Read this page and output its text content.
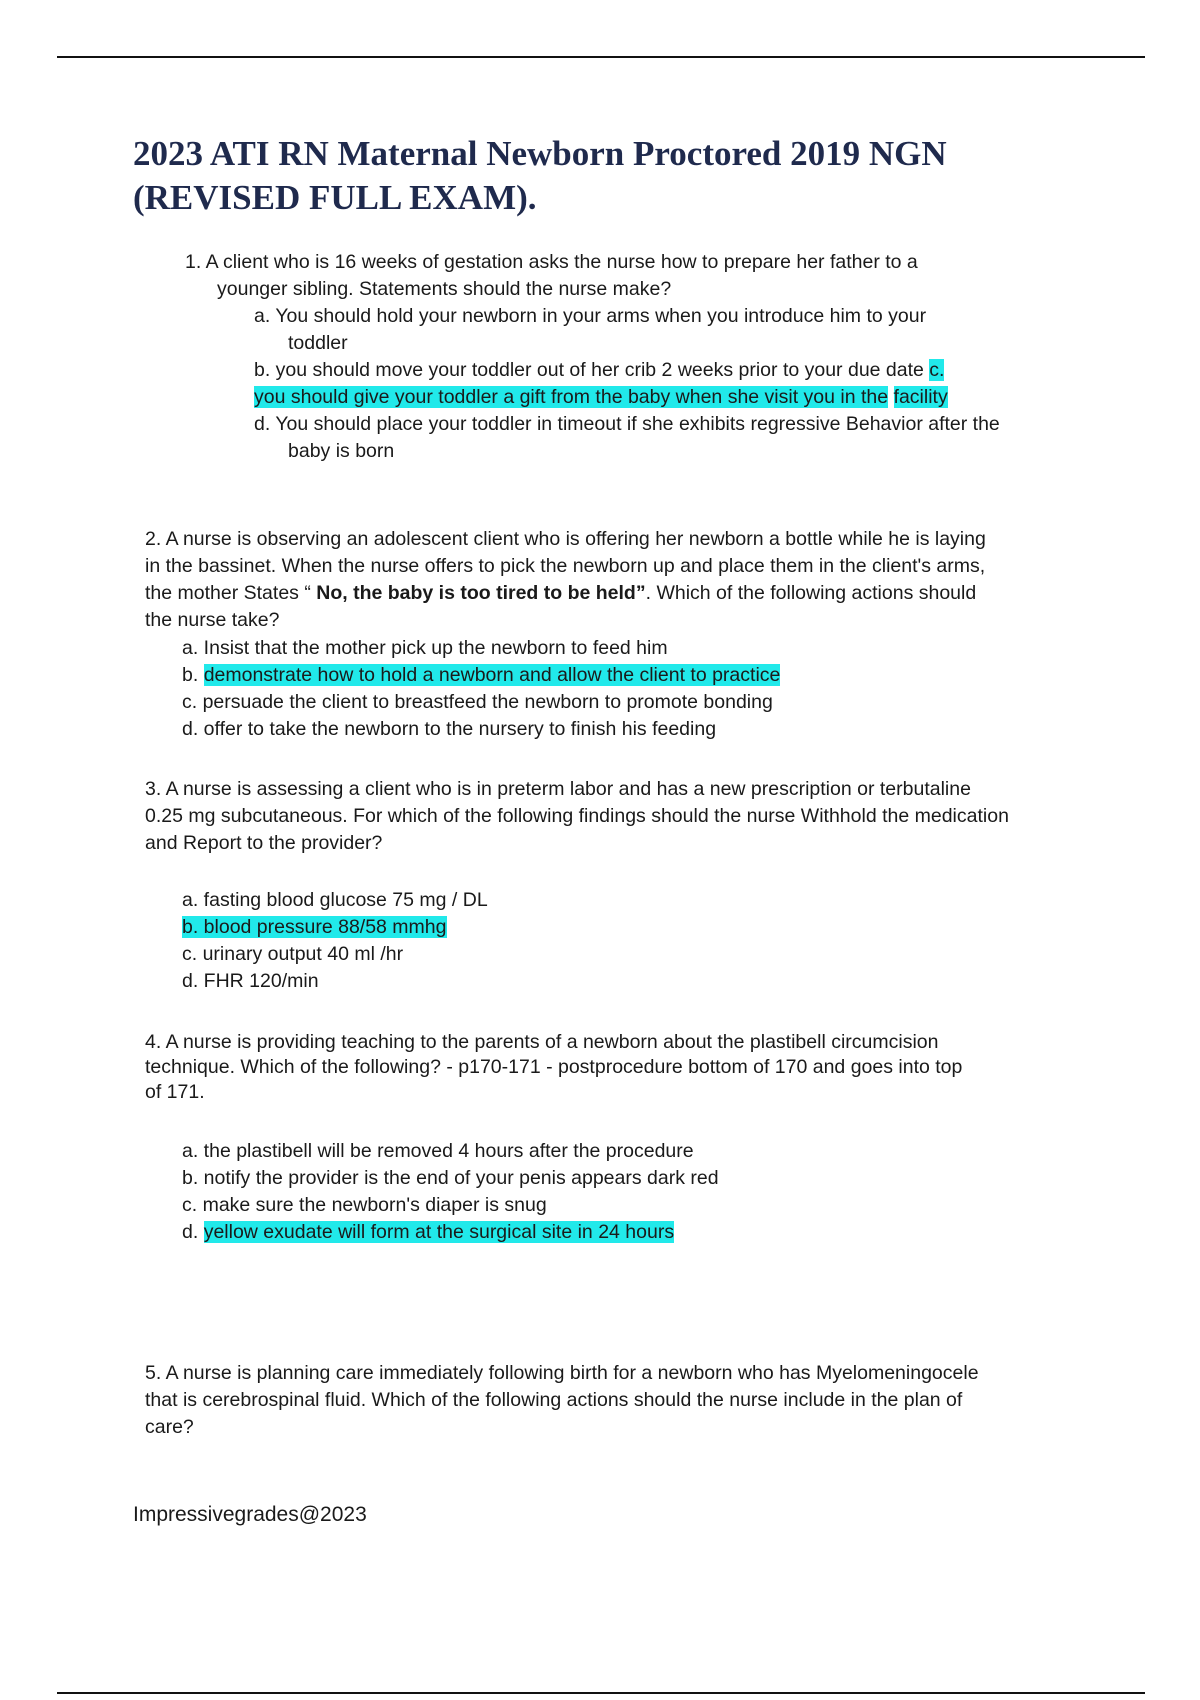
2023 ATI RN Maternal Newborn Proctored 2019 NGN
(REVISED FULL EXAM).
1. A client who is 16 weeks of gestation asks the nurse how to prepare her father to a
younger sibling. Statements should the nurse make?
a. You should hold your newborn in your arms when you introduce him to your
toddler
b. you should move your toddler out of her crib 2 weeks prior to your due date c.
you should give your toddler a gift from the baby when she visit you in the facility
d. You should place your toddler in timeout if she exhibits regressive Behavior after the
baby is born
2. A nurse is observing an adolescent client who is offering her newborn a bottle while he is laying
in the bassinet. When the nurse offers to pick the newborn up and place them in the client's arms,
the mother States “ No, the baby is too tired to be held”. Which of the following actions should
the nurse take?
a. Insist that the mother pick up the newborn to feed him
b. demonstrate how to hold a newborn and allow the client to practice
c. persuade the client to breastfeed the newborn to promote bonding
d. offer to take the newborn to the nursery to finish his feeding
3. A nurse is assessing a client who is in preterm labor and has a new prescription or terbutaline
0.25 mg subcutaneous. For which of the following findings should the nurse Withhold the medication
and Report to the provider?
a. fasting blood glucose 75 mg / DL
b. blood pressure 88/58 mmhg
c. urinary output 40 ml /hr
d. FHR 120/min
4. A nurse is providing teaching to the parents of a newborn about the plastibell circumcision
technique. Which of the following? - p170-171 - postprocedure bottom of 170 and goes into top
of 171.
a. the plastibell will be removed 4 hours after the procedure
b. notify the provider is the end of your penis appears dark red
c. make sure the newborn's diaper is snug
d. yellow exudate will form at the surgical site in 24 hours
5. A nurse is planning care immediately following birth for a newborn who has Myelomeningocele
that is cerebrospinal fluid. Which of the following actions should the nurse include in the plan of
care?
Impressivegrades@2023
